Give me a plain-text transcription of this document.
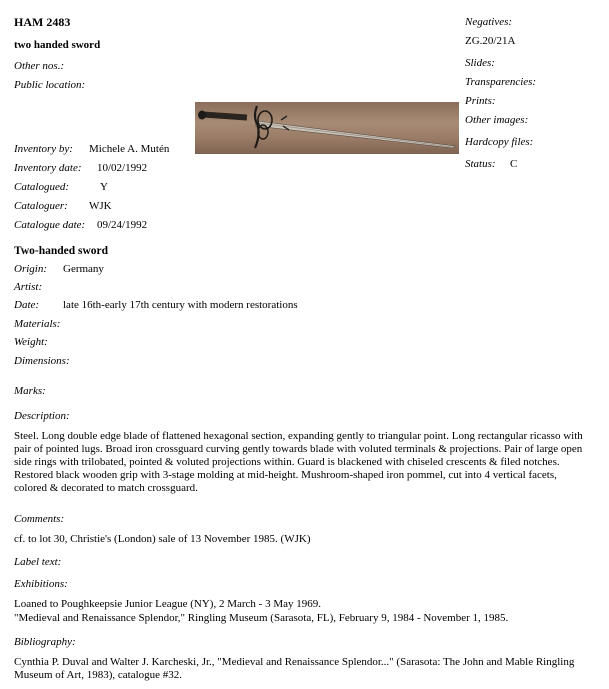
HAM 2483
two handed sword
Other nos.:
Public location:
Negatives:
ZG.20/21A
Slides:
Transparencies:
Prints:
Other images:
Hardcopy files:
Status: C
Inventory by: Michele A. Mutén
Inventory date: 10/02/1992
Catalogued:	Y
Cataloguer: WJK
Catalogue date: 09/24/1992
Two-handed sword
Origin: Germany
Artist:
Date: late 16th-early 17th century with modern restorations
Materials:
Weight:
Dimensions:
Marks:
Description:
Steel. Long double edge blade of flattened hexagonal section, expanding gently to triangular point. Long rectangular ricasso with pair of pointed lugs. Broad iron crossguard curving gently towards blade with voluted terminals & projections. Pair of large open side rings with trilobated, pointed & voluted projections within. Guard is blackened with chiseled crescents & filed notches. Restored black wooden grip with 3-stage molding at mid-height. Mushroom-shaped iron pommel, cut into 4 vertical facets, colored & decorated to match crossguard.
Comments:
cf. to lot 30, Christie's (London) sale of 13 November 1985. (WJK)
Label text:
Exhibitions:
Loaned to Poughkeepsie Junior League (NY), 2 March - 3 May 1969.
"Medieval and Renaissance Splendor," Ringling Museum (Sarasota, FL), February 9, 1984 - November 1, 1985.
Bibliography:
Cynthia P. Duval and Walter J. Karcheski, Jr., "Medieval and Renaissance Splendor..." (Sarasota: The John and Mable Ringling Museum of Art, 1983), catalogue #32.
